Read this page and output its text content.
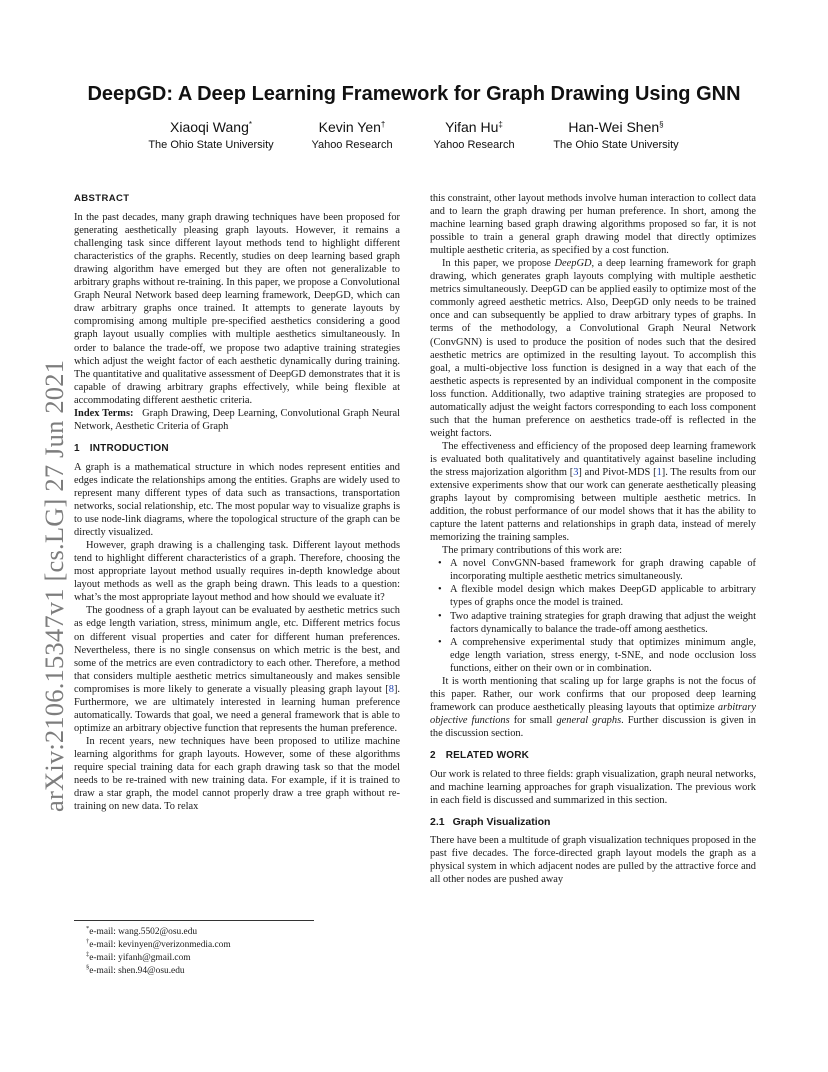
arXiv:2106.15347v1 [cs.LG] 27 Jun 2021
DeepGD: A Deep Learning Framework for Graph Drawing Using GNN
Xiaoqi Wang*
The Ohio State University
Kevin Yen†
Yahoo Research
Yifan Hu‡
Yahoo Research
Han-Wei Shen§
The Ohio State University
ABSTRACT

In the past decades, many graph drawing techniques have been proposed for generating aesthetically pleasing graph layouts. However, it remains a challenging task since different layout methods tend to highlight different characteristics of the graphs. Recently, studies on deep learning based graph drawing algorithm have emerged but they are often not generalizable to arbitrary graphs without re-training. In this paper, we propose a Convolutional Graph Neural Network based deep learning framework, DeepGD, which can draw arbitrary graphs once trained. It attempts to generate layouts by compromising among multiple pre-specified aesthetics considering a good graph layout usually complies with multiple aesthetics simultaneously. In order to balance the trade-off, we propose two adaptive training strategies which adjust the weight factor of each aesthetic dynamically during training. The quantitative and qualitative assessment of DeepGD demonstrates that it is capable of drawing arbitrary graphs effectively, while being flexible at accommodating different aesthetic criteria.

Index Terms: Graph Drawing, Deep Learning, Convolutional Graph Neural Network, Aesthetic Criteria of Graph

1 INTRODUCTION

A graph is a mathematical structure in which nodes represent entities and edges indicate the relationships among the entities. Graphs are widely used to represent many different types of data such as transactions, transportation networks, social relationship, etc. The most popular way to visualize graphs is to use node-link diagrams, where the topological structure of the graph can be directly visualized.

However, graph drawing is a challenging task. Different layout methods tend to highlight different characteristics of a graph. Therefore, choosing the most appropriate layout method usually requires in-depth knowledge about layout methods as well as the graph being drawn. This leads to a question: what’s the most appropriate layout method and how should we evaluate it?

The goodness of a graph layout can be evaluated by aesthetic metrics such as edge length variation, stress, minimum angle, etc. Different metrics focus on different visual properties and cater for different human preferences. Nevertheless, there is no single consensus on which metric is the best, and some of the metrics are even contradictory to each other. Therefore, a method that considers multiple aesthetic metrics simultaneously and makes sensible compromises is more likely to generate a visually pleasing graph layout [8]. Furthermore, we are ultimately interested in learning human preference automatically. Towards that goal, we need a general framework that is able to optimize an arbitrary objective function that represents the human preference.

In recent years, new techniques have been proposed to utilize machine learning algorithms for graph layouts. However, some of these algorithms require special training data for each graph drawing task so that the model needs to be re-trained with new training data. For example, if it is trained to draw a star graph, the model cannot properly draw a tree graph without re-training on new data. To relax

*e-mail: wang.5502@osu.edu
†e-mail: kevinyen@verizonmedia.com
‡e-mail: yifanh@gmail.com
§e-mail: shen.94@osu.edu

this constraint, other layout methods involve human interaction to collect data and to learn the graph drawing per human preference. In short, among the machine learning based graph drawing algorithms proposed so far, it is not possible to train a general graph drawing model that directly optimizes multiple aesthetic criteria, as specified by a cost function.

In this paper, we propose DeepGD, a deep learning framework for graph drawing, which generates graph layouts complying with multiple aesthetic metrics simultaneously. DeepGD can be applied easily to optimize most of the commonly agreed aesthetic metrics. Also, DeepGD only needs to be trained once and can subsequently be applied to draw arbitrary types of graphs. In terms of the methodology, a Convolutional Graph Neural Network (ConvGNN) is used to produce the position of nodes such that the desired aesthetic metrics are optimized in the resulting layout. To accomplish this goal, a multi-objective loss function is designed in a way that each of the aesthetic aspects is represented by an individual component in the composite loss function. Additionally, two adaptive training strategies are proposed to automatically adjust the weight factors corresponding to each loss component such that the human preference on aesthetics trade-off is reflected in the weight factors.

The effectiveness and efficiency of the proposed deep learning framework is evaluated both qualitatively and quantitatively against baseline including the stress majorization algorithm [3] and Pivot-MDS [1]. The results from our extensive experiments show that our work can generate aesthetically pleasing graphs layout by compromising between multiple aesthetic metrics. In addition, the robust performance of our model shows that it has the ability to capture the latent patterns and relationships in graph data, instead of merely memorizing the training samples.

The primary contributions of this work are:

• A novel ConvGNN-based framework for graph drawing capable of incorporating multiple aesthetic metrics simultaneously.
• A flexible model design which makes DeepGD applicable to arbitrary types of graphs once the model is trained.
• Two adaptive training strategies for graph drawing that adjust the weight factors dynamically to balance the trade-off among aesthetics.
• A comprehensive experimental study that optimizes minimum angle, edge length variation, stress energy, t-SNE, and node occlusion loss functions, either on their own or in combination.

It is worth mentioning that scaling up for large graphs is not the focus of this paper. Rather, our work confirms that our proposed deep learning framework can produce aesthetically pleasing layouts that optimize arbitrary objective functions for small general graphs. Further discussion is given in the discussion section.

2 RELATED WORK

Our work is related to three fields: graph visualization, graph neural networks, and machine learning approaches for graph visualization. The previous work in each field is discussed and summarized in this section.

2.1 Graph Visualization

There have been a multitude of graph visualization techniques proposed in the past five decades. The force-directed graph layout models the graph as a physical system in which adjacent nodes are pulled by the attractive force and all other nodes are pushed away
